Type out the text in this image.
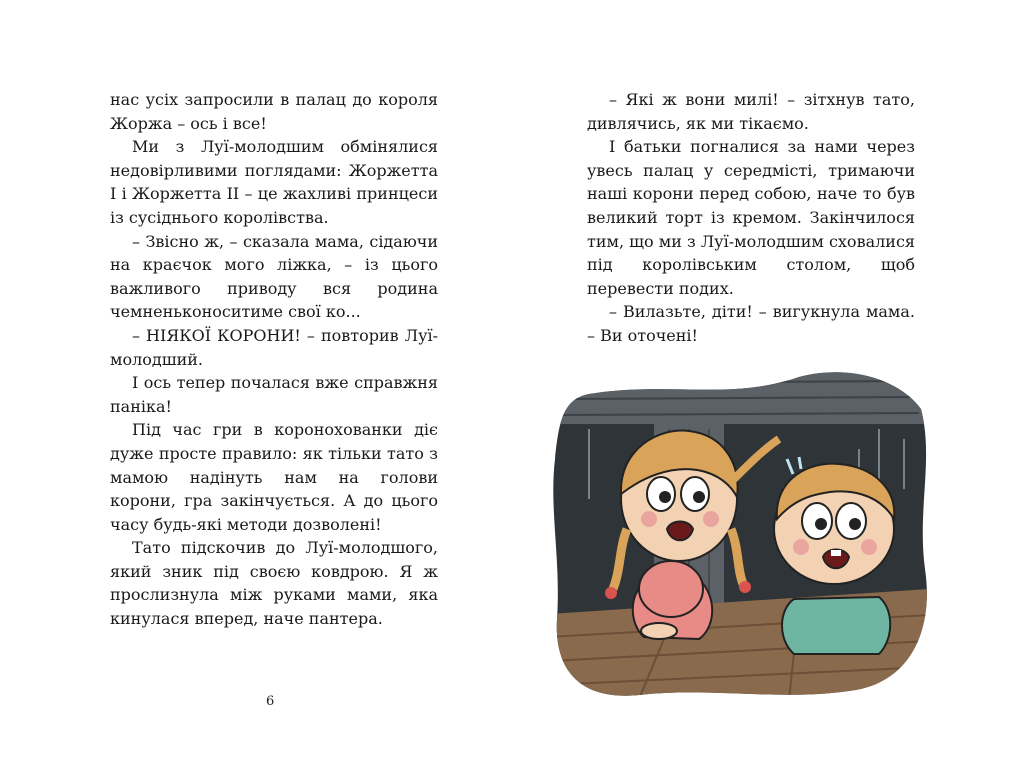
нас усіх запросили в палац до короля Жоржа – ось і все!

Ми з Луї-молодшим обмінялися недовірливими поглядами: Жоржетта I і Жоржетта II – це жахливі принцеси із сусіднього королівства.

– Звісно ж, – сказала мама, сідаючи на краєчок мого ліжка, – із цього важливого приводу вся родина чемненьконоситиме свої ко...

– НІЯКОЇ КОРОНИ! – повторив Луї-молодший.

І ось тепер почалася вже справжня паніка!

Під час гри в коронохованки діє дуже просте правило: як тільки тато з мамою надінуть нам на голови корони, гра закінчується. А до цього часу будь-які методи дозволені!

Тато підскочив до Луї-молодшого, який зник під своєю ковдрою. Я ж прослизнула між руками мами, яка кинулася вперед, наче пантера.

– Які ж вони милі! – зітхнув тато, дивлячись, як ми тікаємо.

І батьки погналися за нами через увесь палац у середмісті, тримаючи наші корони перед собою, наче то був великий торт із кремом. Закінчилося тим, що ми з Луї-молодшим сховалися під королівським столом, щоб перевести подих.

– Вилазьте, діти! – вигукнула мама. – Ви оточені!

6
